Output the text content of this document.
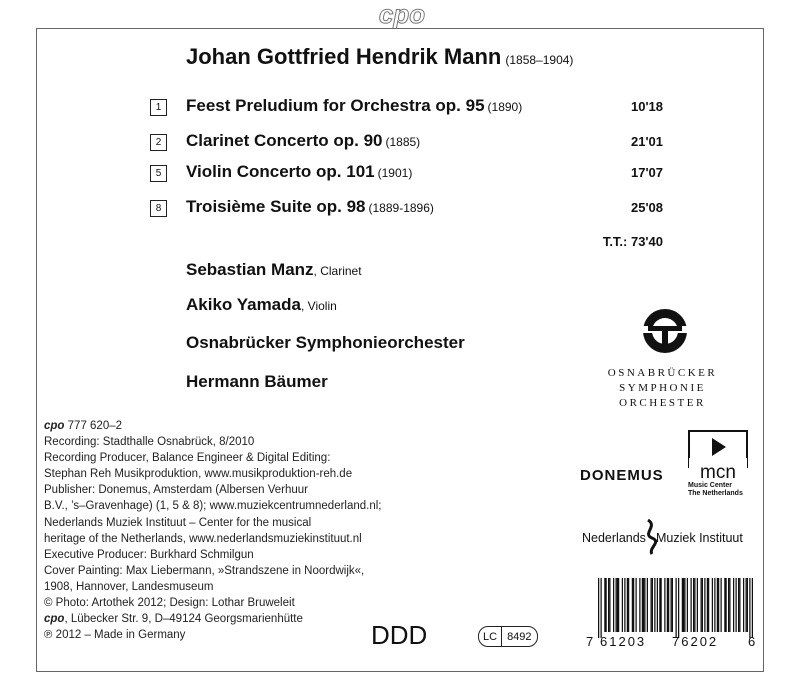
cpo
Johan Gottfried Hendrik Mann (1858–1904)
1	Feest Preludium for Orchestra op. 95 (1890)	10'18
2	Clarinet Concerto op. 90 (1885)	21'01
5	Violin Concerto op. 101 (1901)	17'07
8	Troisième Suite op. 98 (1889-1896)	25'08
T.T.: 73'40
Sebastian Manz, Clarinet
Akiko Yamada, Violin
Osnabrücker Symphonieorchester
Hermann Bäumer
cpo 777 620–2
Recording: Stadthalle Osnabrück, 8/2010
Recording Producer, Balance Engineer & Digital Editing:
Stephan Reh Musikproduktion, www.musikproduktion-reh.de
Publisher: Donemus, Amsterdam (Albersen Verhuur
B.V., ’s–Gravenhage) (1, 5 & 8); www.muziekcentrumnederland.nl;
Nederlands Muziek Instituut – Center for the musical
heritage of the Netherlands, www.nederlandsmuziekinstituut.nl
Executive Producer: Burkhard Schmilgun
Cover Painting: Max Liebermann, »Strandszene in Noordwijk«,
1908, Hannover, Landesmuseum
© Photo: Artothek 2012; Design: Lothar Bruweleit
cpo, Lübecker Str. 9, D–49124 Georgsmarienhütte
℗ 2012 – Made in Germany	DDD	LC 8492
OSNABRÜCKER
SYMPHONIE
ORCHESTER
DONEMUS mcn
Music Center
The Netherlands
Nederlands Muziek Instituut
7 61203 76202 6
